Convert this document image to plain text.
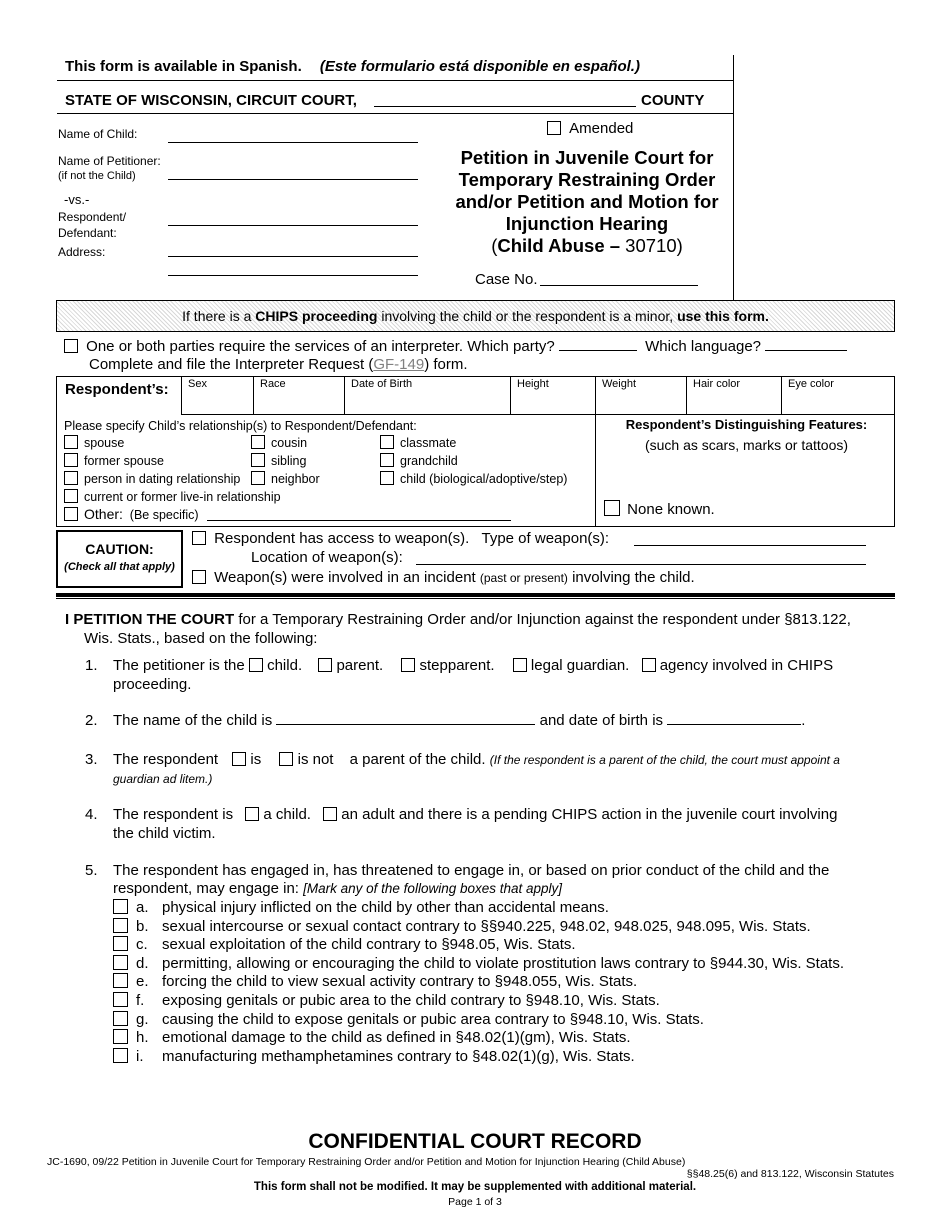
This form is available in Spanish. (Este formulario está disponible en español.)
STATE OF WISCONSIN, CIRCUIT COURT,	COUNTY
Name of Child:
Name of Petitioner:
(if not the Child)
-vs.-
Respondent/
Defendant:
Address:
Amended
Petition in Juvenile Court for
Temporary Restraining Order
and/or Petition and Motion for
Injunction Hearing
(Child Abuse – 30710)
Case No.
If there is a CHIPS proceeding involving the child or the respondent is a minor, use this form.
One or both parties require the services of an interpreter. Which party?	Which language?
Complete and file the Interpreter Request (GF-149) form.
Respondent’s:	Sex	Race	Date of Birth	Height	Weight	Hair color	Eye color
Please specify Child’s relationship(s) to Respondent/Defendant:
spouse
former spouse
person in dating relationship
current or former live-in relationship
cousin
sibling
neighbor
classmate
grandchild
child (biological/adoptive/step)
Other: (Be specific)
Respondent’s Distinguishing Features:
(such as scars, marks or tattoos)
None known.
CAUTION:
(Check all that apply)
Respondent has access to weapon(s). Type of weapon(s):
Location of weapon(s):
Weapon(s) were involved in an incident (past or present) involving the child.
I PETITION THE COURT for a Temporary Restraining Order and/or Injunction against the respondent under §813.122,
Wis. Stats., based on the following:
1. The petitioner is the child. parent. stepparent. legal guardian. agency involved in CHIPS
proceeding.
2. The name of the child is	and date of birth is	.
3. The respondent is is not a parent of the child. (If the respondent is a parent of the child, the court must appoint a
guardian ad litem.)
4. The respondent is a child. an adult and there is a pending CHIPS action in the juvenile court involving
the child victim.
5. The respondent has engaged in, has threatened to engage in, or based on prior conduct of the child and the
respondent, may engage in: [Mark any of the following boxes that apply]
a. physical injury inflicted on the child by other than accidental means.
b. sexual intercourse or sexual contact contrary to §§940.225, 948.02, 948.025, 948.095, Wis. Stats.
c. sexual exploitation of the child contrary to §948.05, Wis. Stats.
d. permitting, allowing or encouraging the child to violate prostitution laws contrary to §944.30, Wis. Stats.
e. forcing the child to view sexual activity contrary to §948.055, Wis. Stats.
f. exposing genitals or pubic area to the child contrary to §948.10, Wis. Stats.
g. causing the child to expose genitals or pubic area contrary to §948.10, Wis. Stats.
h. emotional damage to the child as defined in §48.02(1)(gm), Wis. Stats.
i. manufacturing methamphetamines contrary to §48.02(1)(g), Wis. Stats.
CONFIDENTIAL COURT RECORD
JC-1690, 09/22 Petition in Juvenile Court for Temporary Restraining Order and/or Petition and Motion for Injunction Hearing (Child Abuse)
§§48.25(6) and 813.122, Wisconsin Statutes
This form shall not be modified. It may be supplemented with additional material.
Page 1 of 3
